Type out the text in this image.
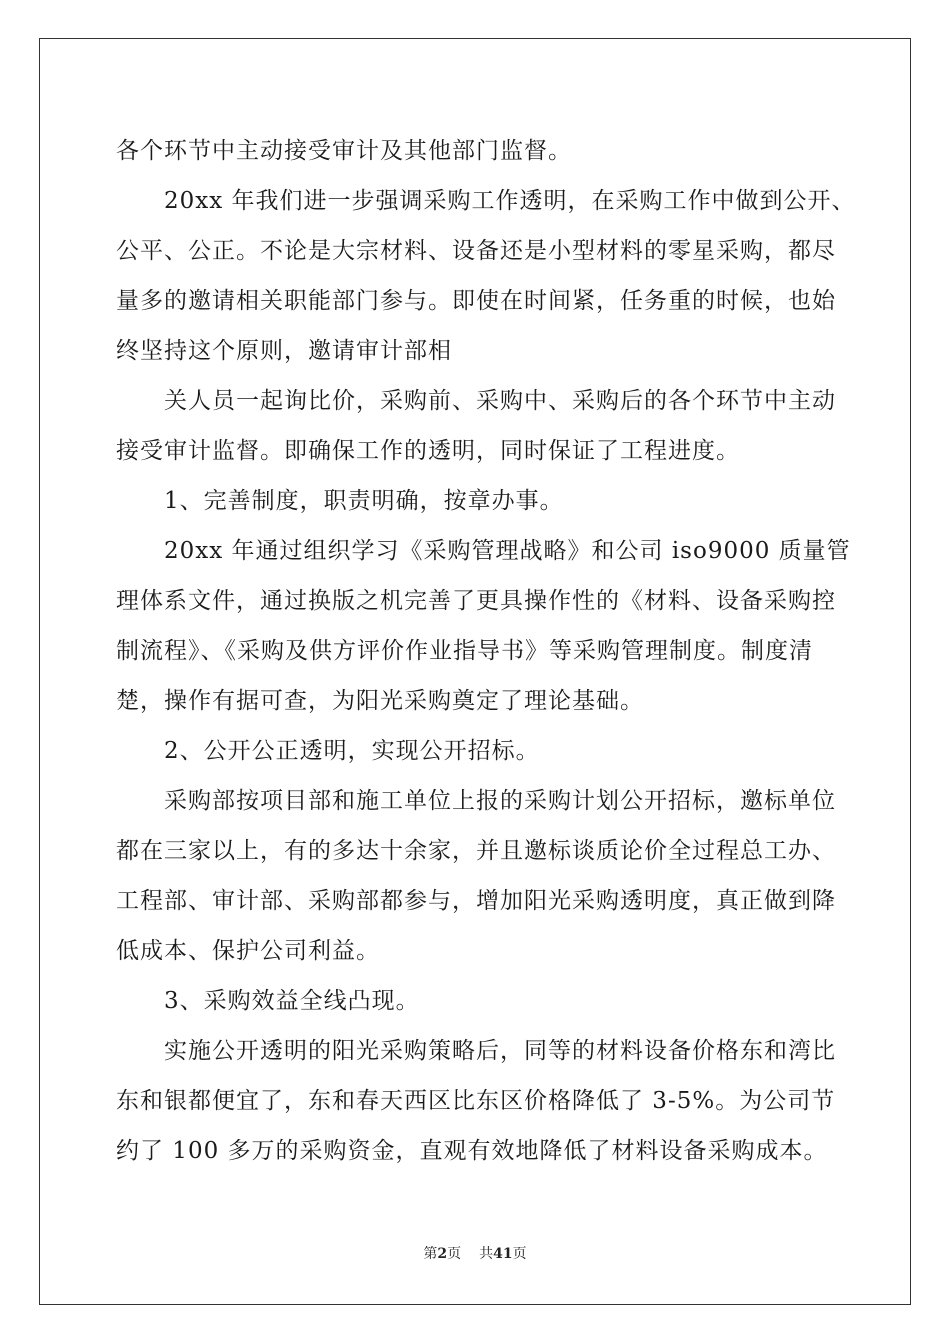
各个环节中主动接受审计及其他部门监督。
20xx 年我们进一步强调采购工作透明，在采购工作中做到公开、
公平、公正。不论是大宗材料、设备还是小型材料的零星采购，都尽
量多的邀请相关职能部门参与。即使在时间紧，任务重的时候，也始
终坚持这个原则，邀请审计部相
关人员一起询比价，采购前、采购中、采购后的各个环节中主动
接受审计监督。即确保工作的透明，同时保证了工程进度。
1、完善制度，职责明确，按章办事。
20xx 年通过组织学习《采购管理战略》和公司 iso9000 质量管
理体系文件，通过换版之机完善了更具操作性的《材料、设备采购控
制流程》、《采购及供方评价作业指导书》等采购管理制度。制度清
楚，操作有据可查，为阳光采购奠定了理论基础。
2、公开公正透明，实现公开招标。
采购部按项目部和施工单位上报的采购计划公开招标，邀标单位
都在三家以上，有的多达十余家，并且邀标谈质论价全过程总工办、
工程部、审计部、采购部都参与，增加阳光采购透明度，真正做到降
低成本、保护公司利益。
3、采购效益全线凸现。
实施公开透明的阳光采购策略后，同等的材料设备价格东和湾比
东和银都便宜了，东和春天西区比东区价格降低了 3-5%。为公司节
约了 100 多万的采购资金，直观有效地降低了材料设备采购成本。
第2页 共41页
